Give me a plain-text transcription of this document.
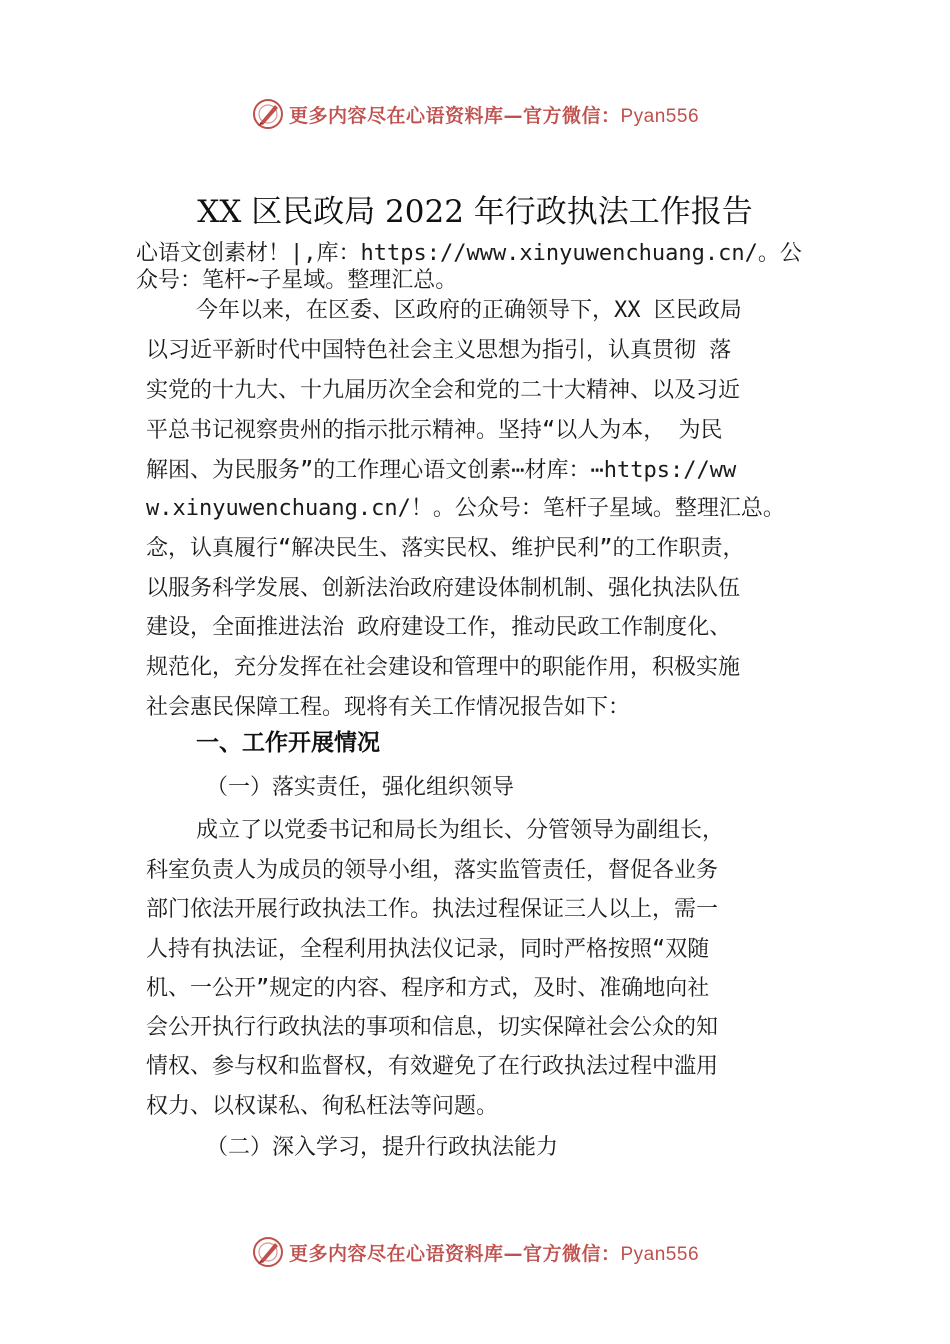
更多内容尽在心语资料库—官方微信：Pyan556
XX 区民政局 2022 年行政执法工作报告
心语文创素材！|,库：https://www.xinyuwenchuang.cn/。公
众号：笔杆~子星域。整理汇总。
今年以来，在区委、区政府的正确领导下，XX 区民政局
以习近平新时代中国特色社会主义思想为指引，认真贯彻 落
实党的十九大、十九届历次全会和党的二十大精神、以及习近
平总书记视察贵州的指示批示精神。坚持“以人为本， 为民
解困、为民服务”的工作理心语文创素⋯材库：⋯https://ww
w.xinyuwenchuang.cn/！。公众号：笔杆子星域。整理汇总。
念，认真履行“解决民生、落实民权、维护民利”的工作职责，
以服务科学发展、创新法治政府建设体制机制、强化执法队伍
建设，全面推进法治 政府建设工作，推动民政工作制度化、
规范化，充分发挥在社会建设和管理中的职能作用，积极实施
社会惠民保障工程。现将有关工作情况报告如下：
一、工作开展情况
（一）落实责任，强化组织领导
成立了以党委书记和局长为组长、分管领导为副组长，
科室负责人为成员的领导小组，落实监管责任，督促各业务
部门依法开展行政执法工作。执法过程保证三人以上，需一
人持有执法证，全程利用执法仪记录，同时严格按照“双随
机、一公开”规定的内容、程序和方式，及时、准确地向社
会公开执行行政执法的事项和信息，切实保障社会公众的知
情权、参与权和监督权，有效避免了在行政执法过程中滥用
权力、以权谋私、徇私枉法等问题。
（二）深入学习，提升行政执法能力
更多内容尽在心语资料库—官方微信：Pyan556
